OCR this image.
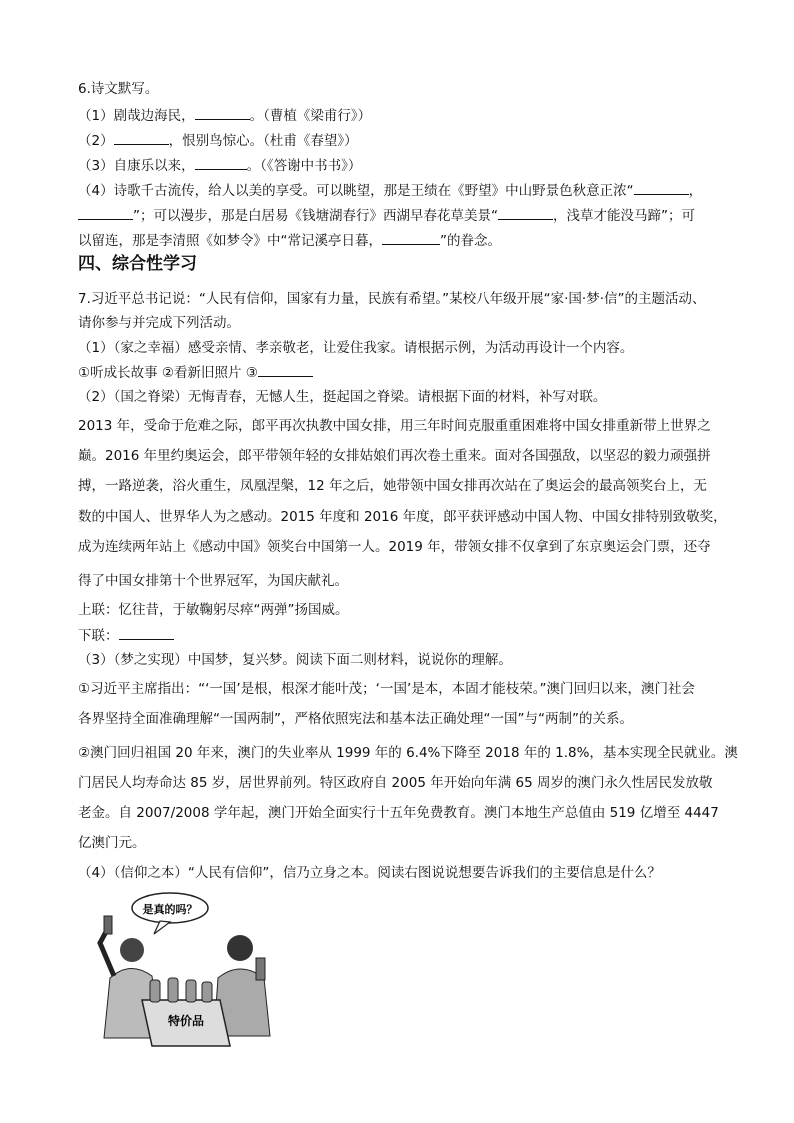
6.诗文默写。
（1）剧哉边海民，	。（曹植《梁甫行》）
（2）	，恨别鸟惊心。（杜甫《春望》）
（3）自康乐以来，	。（《答谢中书书》）
（4）诗歌千古流传，给人以美的享受。可以眺望，那是王绩在《野望》中山野景色秋意正浓“	，
”；可以漫步，那是白居易《钱塘湖春行》西湖早春花草美景“	，浅草才能没马蹄”；可
以留连，那是李清照《如梦令》中“常记溪亭日暮，	”的眷念。
四、综合性学习
7.习近平总书记说：“人民有信仰，国家有力量，民族有希望。”某校八年级开展“家·国·梦·信”的主题活动、
请你参与并完成下列活动。
（1）（家之幸福）感受亲情、孝亲敬老，让爱住我家。请根据示例，为活动再设计一个内容。
①听成长故事 ②看新旧照片 ③
（2）（国之脊梁）无悔青春，无憾人生，挺起国之脊梁。请根据下面的材料，补写对联。
2013 年，受命于危难之际，郎平再次执教中国女排，用三年时间克服重重困难将中国女排重新带上世界之
巅。2016 年里约奥运会，郎平带领年轻的女排姑娘们再次卷土重来。面对各国强敌，以坚忍的毅力顽强拼
搏，一路逆袭，浴火重生，凤凰涅槃，12 年之后，她带领中国女排再次站在了奥运会的最高领奖台上，无
数的中国人、世界华人为之感动。2015 年度和 2016 年度，郎平获评感动中国人物、中国女排特别致敬奖，
成为连续两年站上《感动中国》领奖台中国第一人。2019 年，带领女排不仅拿到了东京奥运会门票，还夺
得了中国女排第十个世界冠军，为国庆献礼。
上联：忆往昔，于敏鞠躬尽瘁“两弹”扬国威。
下联：
（3）（梦之实现）中国梦，复兴梦。阅读下面二则材料，说说你的理解。
①习近平主席指出：“‘一国’是根，根深才能叶茂；‘一国’是本，本固才能枝荣。”澳门回归以来，澳门社会
各界坚持全面准确理解“一国两制”，严格依照宪法和基本法正确处理“一国”与“两制”的关系。
②澳门回归祖国 20 年来，澳门的失业率从 1999 年的 6.4%下降至 2018 年的 1.8%，基本实现全民就业。澳
门居民人均寿命达 85 岁，居世界前列。特区政府自 2005 年开始向年满 65 周岁的澳门永久性居民发放敬
老金。自 2007/2008 学年起，澳门开始全面实行十五年免费教育。澳门本地生产总值由 519 亿增至 4447
亿澳门元。
（4）（信仰之本）“人民有信仰”，信乃立身之本。阅读右图说说想要告诉我们的主要信息是什么？
是真的吗？
特价品
